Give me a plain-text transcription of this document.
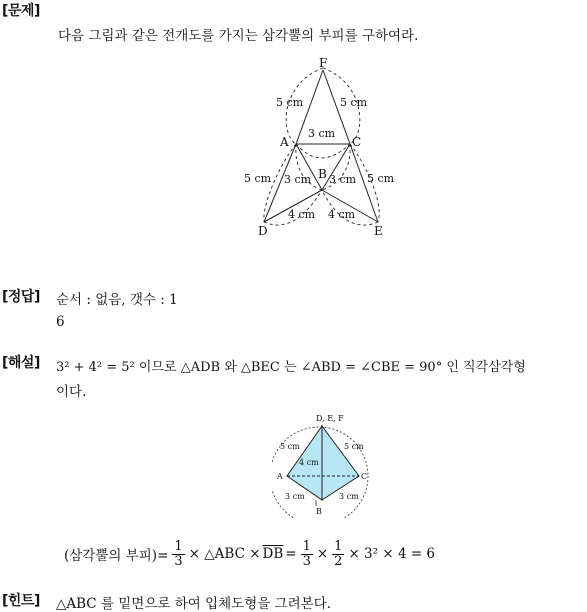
[문제]
다음 그림과 같은 전개도를 가지는 삼각뿔의 부피를 구하여라.
F
A	C
B
D	E
5 cm	5 cm
3 cm
5 cm 3 cm 3 cm 5 cm
4 cm 4 cm
[정답] 순서 : 없음, 갯수 : 1
6
[해설] 3² + 4² = 5² 이므로 △ADB 와 △BEC 는 ∠ABD = ∠CBE = 90° 인 직각삼각형
이다.
D, E, F
A	C
B
5 cm	5 cm
4 cm
3 cm	3 cm
(삼각뿔의 부피)= $\frac{1}{3}$ × △ABC × $\overline{DB} = \frac{1}{3} \times \frac{1}{2} \times 3^2 \times 4 = 6$
[힌트] △ABC 를 밑면으로 하여 입체도형을 그려본다.
